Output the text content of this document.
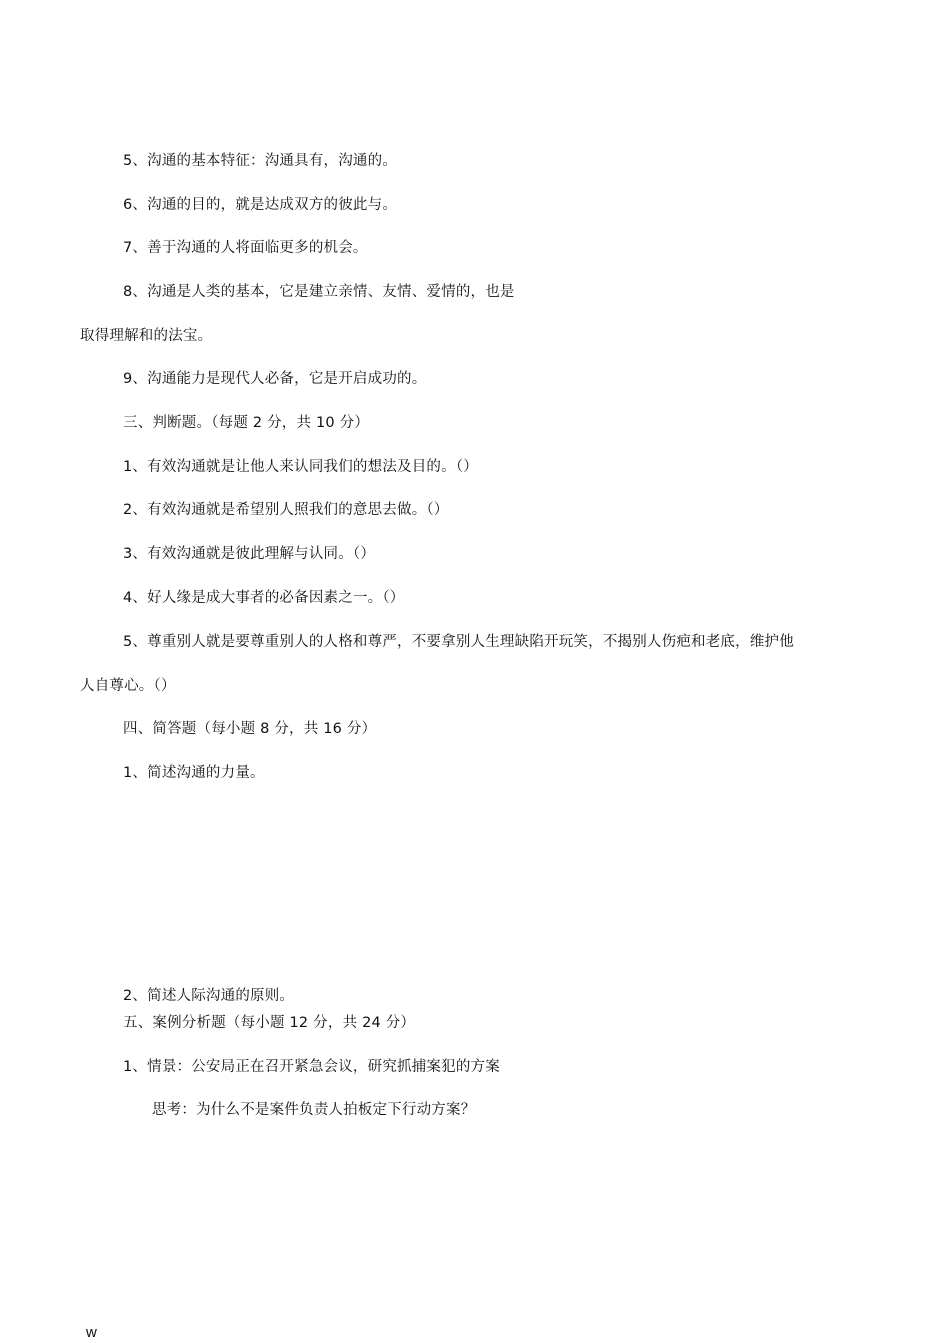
5、沟通的基本特征：沟通具有，沟通的。
6、沟通的目的，就是达成双方的彼此与。
7、善于沟通的人将面临更多的机会。
8、沟通是人类的基本，它是建立亲情、友情、爱情的，也是
取得理解和的法宝。
9、沟通能力是现代人必备，它是开启成功的。
三、判断题。（每题 2 分，共 10 分）
1、有效沟通就是让他人来认同我们的想法及目的。（）
2、有效沟通就是希望别人照我们的意思去做。（）
3、有效沟通就是彼此理解与认同。（）
4、好人缘是成大事者的必备因素之一。（）
5、尊重别人就是要尊重别人的人格和尊严，不要拿别人生理缺陷开玩笑，不揭别人伤疤和老底，维护他
人自尊心。（）
四、简答题（每小题 8 分，共 16 分）
1、简述沟通的力量。
2、简述人际沟通的原则。
五、案例分析题（每小题 12 分，共 24 分）
1、情景：公安局正在召开紧急会议，研究抓捕案犯的方案
思考：为什么不是案件负责人拍板定下行动方案？
w
